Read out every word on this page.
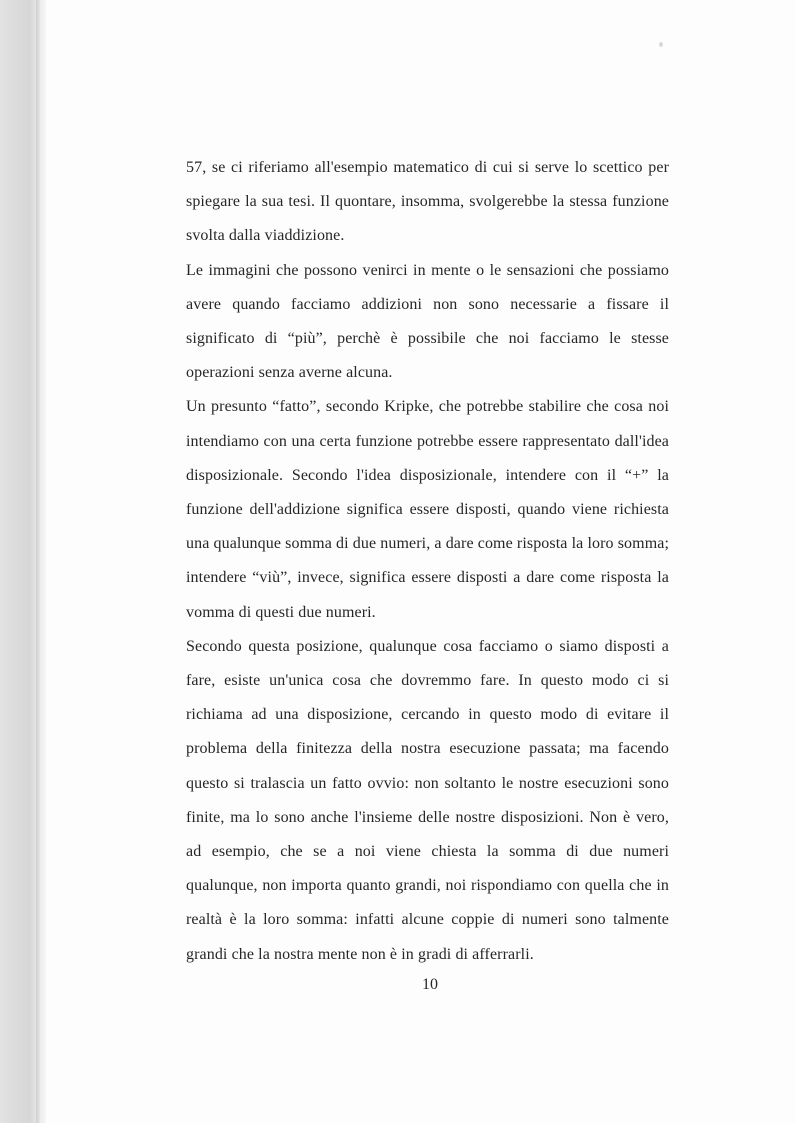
57, se ci riferiamo all'esempio matematico di cui si serve lo scettico per spiegare la sua tesi. Il quontare, insomma, svolgerebbe la stessa funzione svolta dalla viaddizione.

Le immagini che possono venirci in mente o le sensazioni che possiamo avere quando facciamo addizioni non sono necessarie a fissare il significato di “più”, perchè è possibile che noi facciamo le stesse operazioni senza averne alcuna.

Un presunto “fatto”, secondo Kripke, che potrebbe stabilire che cosa noi intendiamo con una certa funzione potrebbe essere rappresentato dall'idea disposizionale. Secondo l'idea disposizionale, intendere con il “+” la funzione dell'addizione significa essere disposti, quando viene richiesta una qualunque somma di due numeri, a dare come risposta la loro somma; intendere “viù”, invece, significa essere disposti a dare come risposta la vomma di questi due numeri.

Secondo questa posizione, qualunque cosa facciamo o siamo disposti a fare, esiste un'unica cosa che dovremmo fare. In questo modo ci si richiama ad una disposizione, cercando in questo modo di evitare il problema della finitezza della nostra esecuzione passata; ma facendo questo si tralascia un fatto ovvio: non soltanto le nostre esecuzioni sono finite, ma lo sono anche l'insieme delle nostre disposizioni. Non è vero, ad esempio, che se a noi viene chiesta la somma di due numeri qualunque, non importa quanto grandi, noi rispondiamo con quella che in realtà è la loro somma: infatti alcune coppie di numeri sono talmente grandi che la nostra mente non è in gradi di afferrarli.

10
